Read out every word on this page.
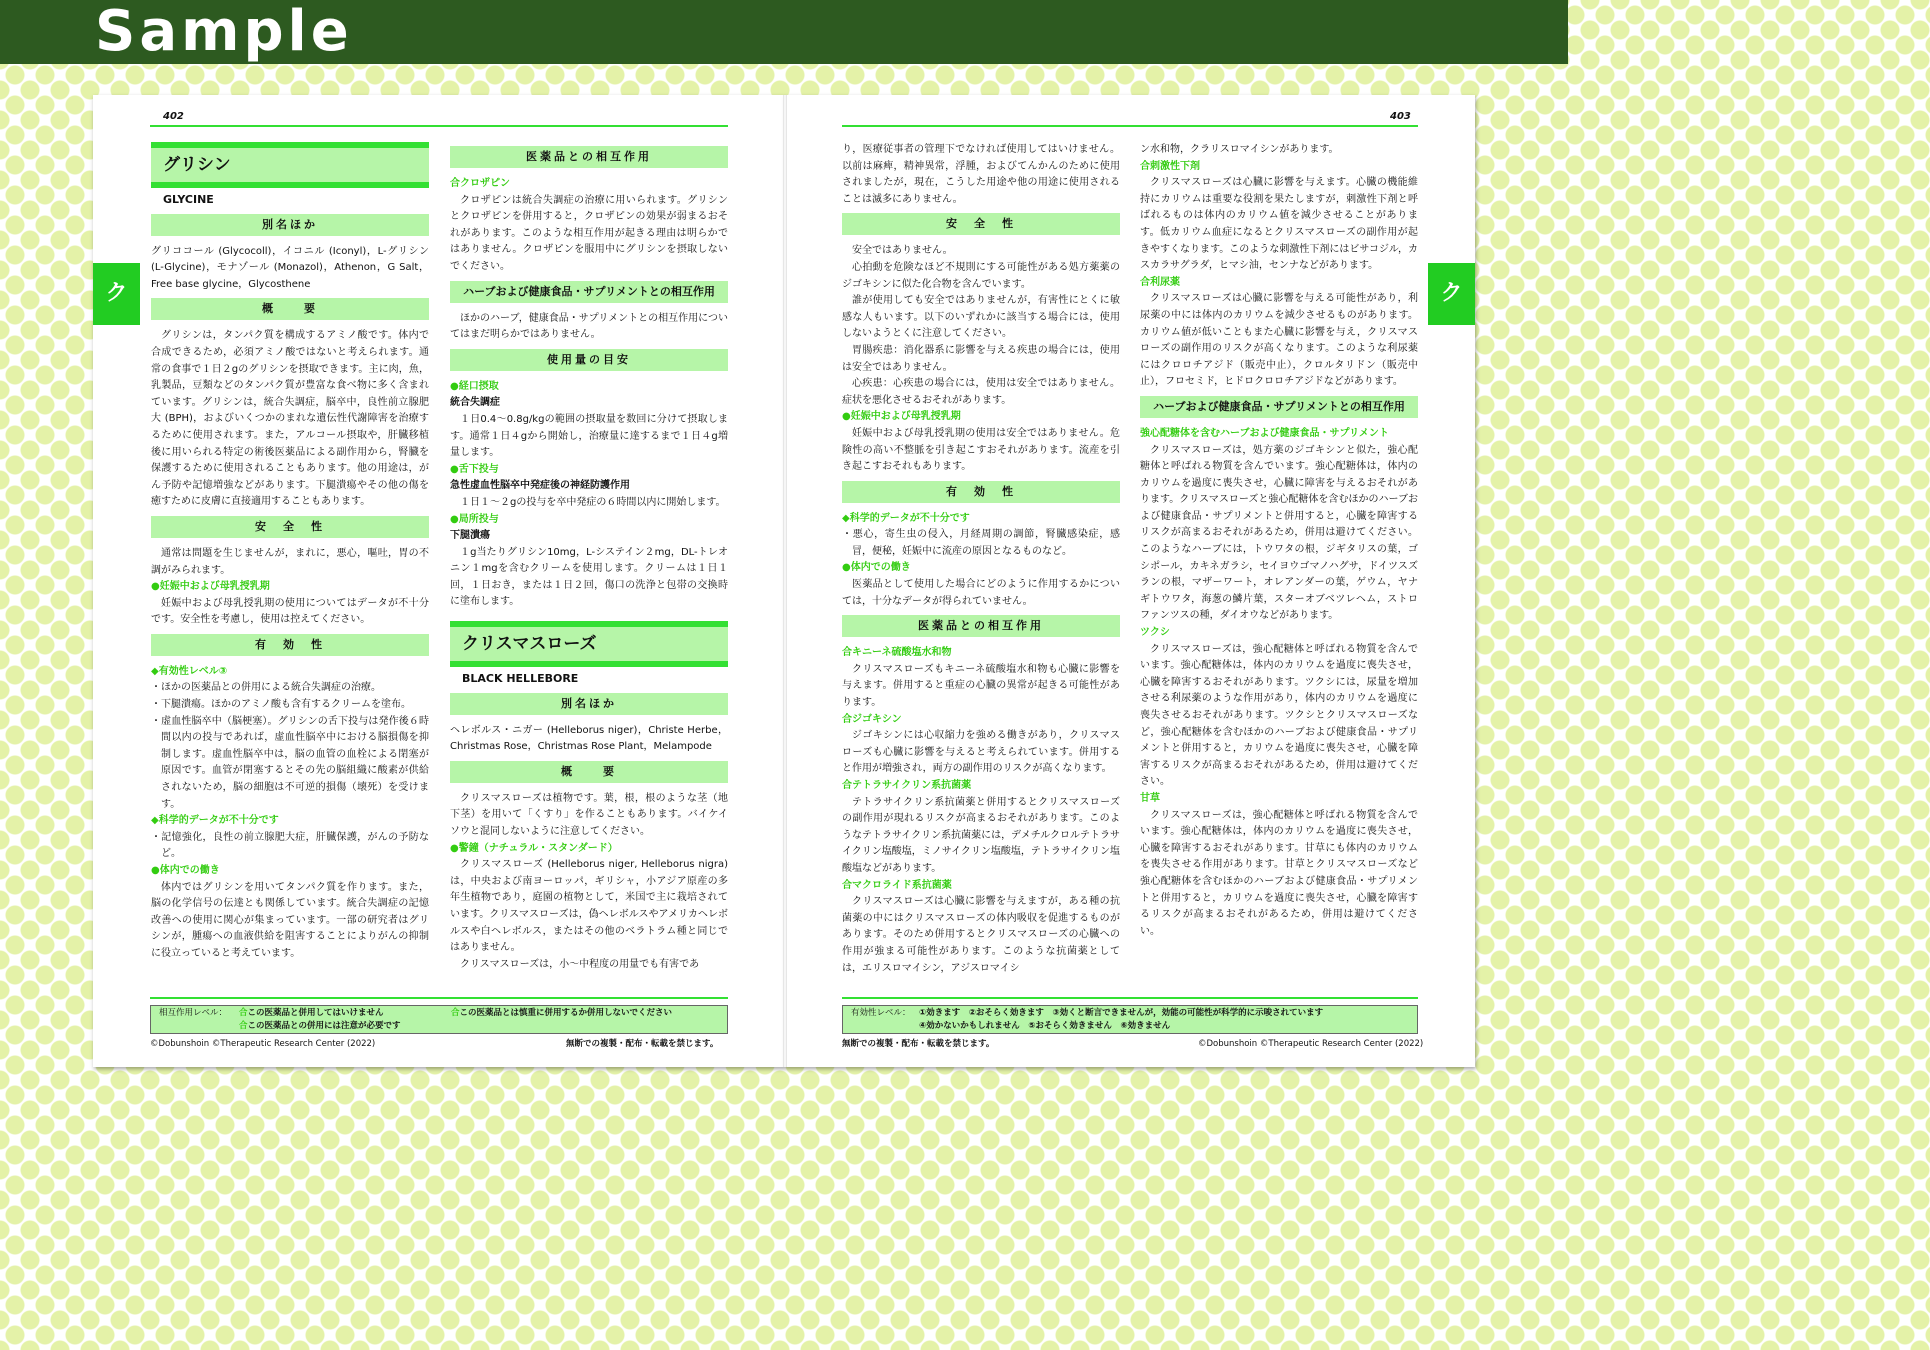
Sample
402	403
ク	ク
グリシン
GLYCINE
別名ほか

グリココール (Glycocoll)，イコニル (Iconyl)，L-グリシン (L-Glycine)，モナゾール (Monazol)，Athenon，G Salt，Free base glycine，Glycosthene

概　　要

グリシンは，タンパク質を構成するアミノ酸です。体内で合成できるため，必須アミノ酸ではないと考えられます。通常の食事で１日２gのグリシンを摂取できます。主に肉，魚，乳製品，豆類などのタンパク質が豊富な食べ物に多く含まれています。グリシンは，統合失調症，脳卒中，良性前立腺肥大 (BPH)，およびいくつかのまれな遺伝性代謝障害を治療するために使用されます。また，アルコール摂取や，肝臓移植後に用いられる特定の術後医薬品による副作用から，腎臓を保護するために使用されることもあります。他の用途は，がん予防や記憶増強などがあります。下腿潰瘍やその他の傷を癒すために皮膚に直接適用することもあります。

安　全　性

通常は問題を生じませんが，まれに，悪心，嘔吐，胃の不調がみられます。

● 妊娠中および母乳授乳期

妊娠中および母乳授乳期の使用についてはデータが不十分です。安全性を考慮し，使用は控えてください。

有　効　性
◆ 有効性レベル③

・ほかの医薬品との併用による統合失調症の治療。

・下腿潰瘍。ほかのアミノ酸も含有するクリームを塗布。

・虚血性脳卒中（脳梗塞）。グリシンの舌下投与は発作後６時間以内の投与であれば，虚血性脳卒中における脳損傷を抑制します。虚血性脳卒中は，脳の血管の血栓による閉塞が原因です。血管が閉塞するとその先の脳組織に酸素が供給されないため，脳の細胞は不可逆的損傷（壊死）を受けます。

◆ 科学的データが不十分です

・記憶強化，良性の前立腺肥大症，肝臓保護，がんの予防など。

● 体内での働き

体内ではグリシンを用いてタンパク質を作ります。また，脳の化学信号の伝達とも関係しています。統合失調症の記憶改善への使用に関心が集まっています。一部の研究者はグリシンが，腫瘍への血液供給を阻害することによりがんの抑制に役立っていると考えています。

医薬品との相互作用
合 クロザピン

クロザピンは統合失調症の治療に用いられます。グリシンとクロザピンを併用すると，クロザピンの効果が弱まるおそれがあります。このような相互作用が起きる理由は明らかではありません。クロザピンを服用中にグリシンを摂取しないでください。

ハーブおよび健康食品・サプリメントとの相互作用

ほかのハーブ，健康食品・サプリメントとの相互作用についてはまだ明らかではありません。

使用量の目安
● 経口摂取
統合失調症

１日0.4～0.8g/kgの範囲の摂取量を数回に分けて摂取します。通常１日４gから開始し，治療量に達するまで１日４g増量します。

● 舌下投与
急性虚血性脳卒中発症後の神経防護作用

１日１～２gの投与を卒中発症の６時間以内に開始します。

● 局所投与
下腿潰瘍

１g当たりグリシン10mg，L-システイン２mg，DL-トレオニン１mgを含むクリームを使用します。クリームは１日１回，１日おき，または１日２回，傷口の洗浄と包帯の交換時に塗布します。

クリスマスローズ
BLACK HELLEBORE
別名ほか

ヘレボルス・ニガー (Helleborus niger)，Christe Herbe，Christmas Rose，Christmas Rose Plant，Melampode

概　　要

クリスマスローズは植物です。葉，根，根のような茎（地下茎）を用いて「くすり」を作ることもあります。バイケイソウと混同しないように注意してください。

● 警鐘（ナチュラル・スタンダード）

クリスマスローズ (Helleborus niger, Helleborus nigra) は，中央および南ヨーロッパ，ギリシャ，小アジア原産の多年生植物であり，庭園の植物として，米国で主に栽培されています。クリスマスローズは，偽ヘレボルスやアメリカヘレボルスや白ヘレボルス，またはその他のベラトラム種と同じではありません。

クリスマスローズは，小～中程度の用量でも有害であ

り，医療従事者の管理下でなければ使用してはいけません。以前は麻痺，精神異常，浮腫，およびてんかんのために使用されましたが，現在，こうした用途や他の用途に使用されることは滅多にありません。

安　全　性

安全ではありません。

心拍動を危険なほど不規則にする可能性がある処方薬薬のジゴキシンに似た化合物を含んでいます。

誰が使用しても安全ではありませんが，有害性にとくに敏感な人もいます。以下のいずれかに該当する場合には，使用しないようとくに注意してください。

胃腸疾患：消化器系に影響を与える疾患の場合には，使用は安全ではありません。

心疾患：心疾患の場合には，使用は安全ではありません。症状を悪化させるおそれがあります。

● 妊娠中および母乳授乳期

妊娠中および母乳授乳期の使用は安全ではありません。危険性の高い不整脈を引き起こすおそれがあります。流産を引き起こすおそれもあります。

有　効　性
◆ 科学的データが不十分です

・悪心，寄生虫の侵入，月経周期の調節，腎臓感染症，感冒，便秘，妊娠中に流産の原因となるものなど。

● 体内での働き

医薬品として使用した場合にどのように作用するかについては，十分なデータが得られていません。

医薬品との相互作用
合 キニーネ硫酸塩水和物

クリスマスローズもキニーネ硫酸塩水和物も心臓に影響を与えます。併用すると重症の心臓の異常が起きる可能性があります。

合 ジゴキシン

ジゴキシンには心収縮力を強める働きがあり，クリスマスローズも心臓に影響を与えると考えられています。併用すると作用が増強され，両方の副作用のリスクが高くなります。

合 テトラサイクリン系抗菌薬

テトラサイクリン系抗菌薬と併用するとクリスマスローズの副作用が現れるリスクが高まるおそれがあります。このようなテトラサイクリン系抗菌薬には，デメチルクロルテトラサイクリン塩酸塩，ミノサイクリン塩酸塩，テトラサイクリン塩酸塩などがあります。

合 マクロライド系抗菌薬

クリスマスローズは心臓に影響を与えますが，ある種の抗菌薬の中にはクリスマスローズの体内吸収を促進するものがあります。そのため併用するとクリスマスローズの心臓への作用が強まる可能性があります。このような抗菌薬としては，エリスロマイシン，アジスロマイシ

ン水和物，クラリスロマイシンがあります。

合 刺激性下剤

クリスマスローズは心臓に影響を与えます。心臓の機能維持にカリウムは重要な役割を果たしますが，刺激性下剤と呼ばれるものは体内のカリウム値を減少させることがあります。低カリウム血症になるとクリスマスローズの副作用が起きやすくなります。このような刺激性下剤にはビサコジル，カスカラサグラダ，ヒマシ油，センナなどがあります。

合 利尿薬

クリスマスローズは心臓に影響を与える可能性があり，利尿薬の中には体内のカリウムを減少させるものがあります。カリウム値が低いこともまた心臓に影響を与え，クリスマスローズの副作用のリスクが高くなります。このような利尿薬にはクロロチアジド（販売中止），クロルタリドン（販売中止），フロセミド，ヒドロクロロチアジドなどがあります。

ハーブおよび健康食品・サプリメントとの相互作用
強心配糖体を含むハーブおよび健康食品・サプリメント

クリスマスローズは，処方薬のジゴキシンと似た，強心配糖体と呼ばれる物質を含んでいます。強心配糖体は，体内のカリウムを過度に喪失させ，心臓に障害を与えるおそれがあります。クリスマスローズと強心配糖体を含むほかのハーブおよび健康食品・サプリメントと併用すると，心臓を障害するリスクが高まるおそれがあるため，併用は避けてください。このようなハーブには，トウワタの根，ジギタリスの葉，ゴシポール，カキネガラシ，セイヨウゴマノハグサ，ドイツスズランの根，マザーワート，オレアンダーの葉，ゲウム，ヤナギトウワタ，海葱の鱗片葉，スターオブベツレヘム，ストロファンツスの種，ダイオウなどがあります。

ツクシ

クリスマスローズは，強心配糖体と呼ばれる物質を含んでいます。強心配糖体は，体内のカリウムを過度に喪失させ，心臓を障害するおそれがあります。ツクシには，尿量を増加させる利尿薬のような作用があり，体内のカリウムを過度に喪失させるおそれがあります。ツクシとクリスマスローズなど，強心配糖体を含むほかのハーブおよび健康食品・サプリメントと併用すると，カリウムを過度に喪失させ，心臓を障害するリスクが高まるおそれがあるため，併用は避けてください。

甘草

クリスマスローズは，強心配糖体と呼ばれる物質を含んでいます。強心配糖体は，体内のカリウムを過度に喪失させ，心臓を障害するおそれがあります。甘草にも体内のカリウムを喪失させる作用があります。甘草とクリスマスローズなど強心配糖体を含むほかのハーブおよび健康食品・サプリメントと併用すると，カリウムを過度に喪失させ，心臓を障害するリスクが高まるおそれがあるため，併用は避けてください。

相互作用レベル： 合	この医薬品と併用してはいけません 合	この医薬品とは慎重に併用するか併用しないでください
合 この医薬品との併用には注意が必要です
有効性レベル： ①効きます　②おそらく効きます　③効くと断言できませんが，効能の可能性が科学的に示唆されています
④効かないかもしれません　⑤おそらく効きません　⑥効きません
©Dobunshoin ©Therapeutic Research Center (2022)	無断での複製・配布・転載を禁じます。	無断での複製・配布・転載を禁じます。	©Dobunshoin ©Therapeutic Research Center (2022)
